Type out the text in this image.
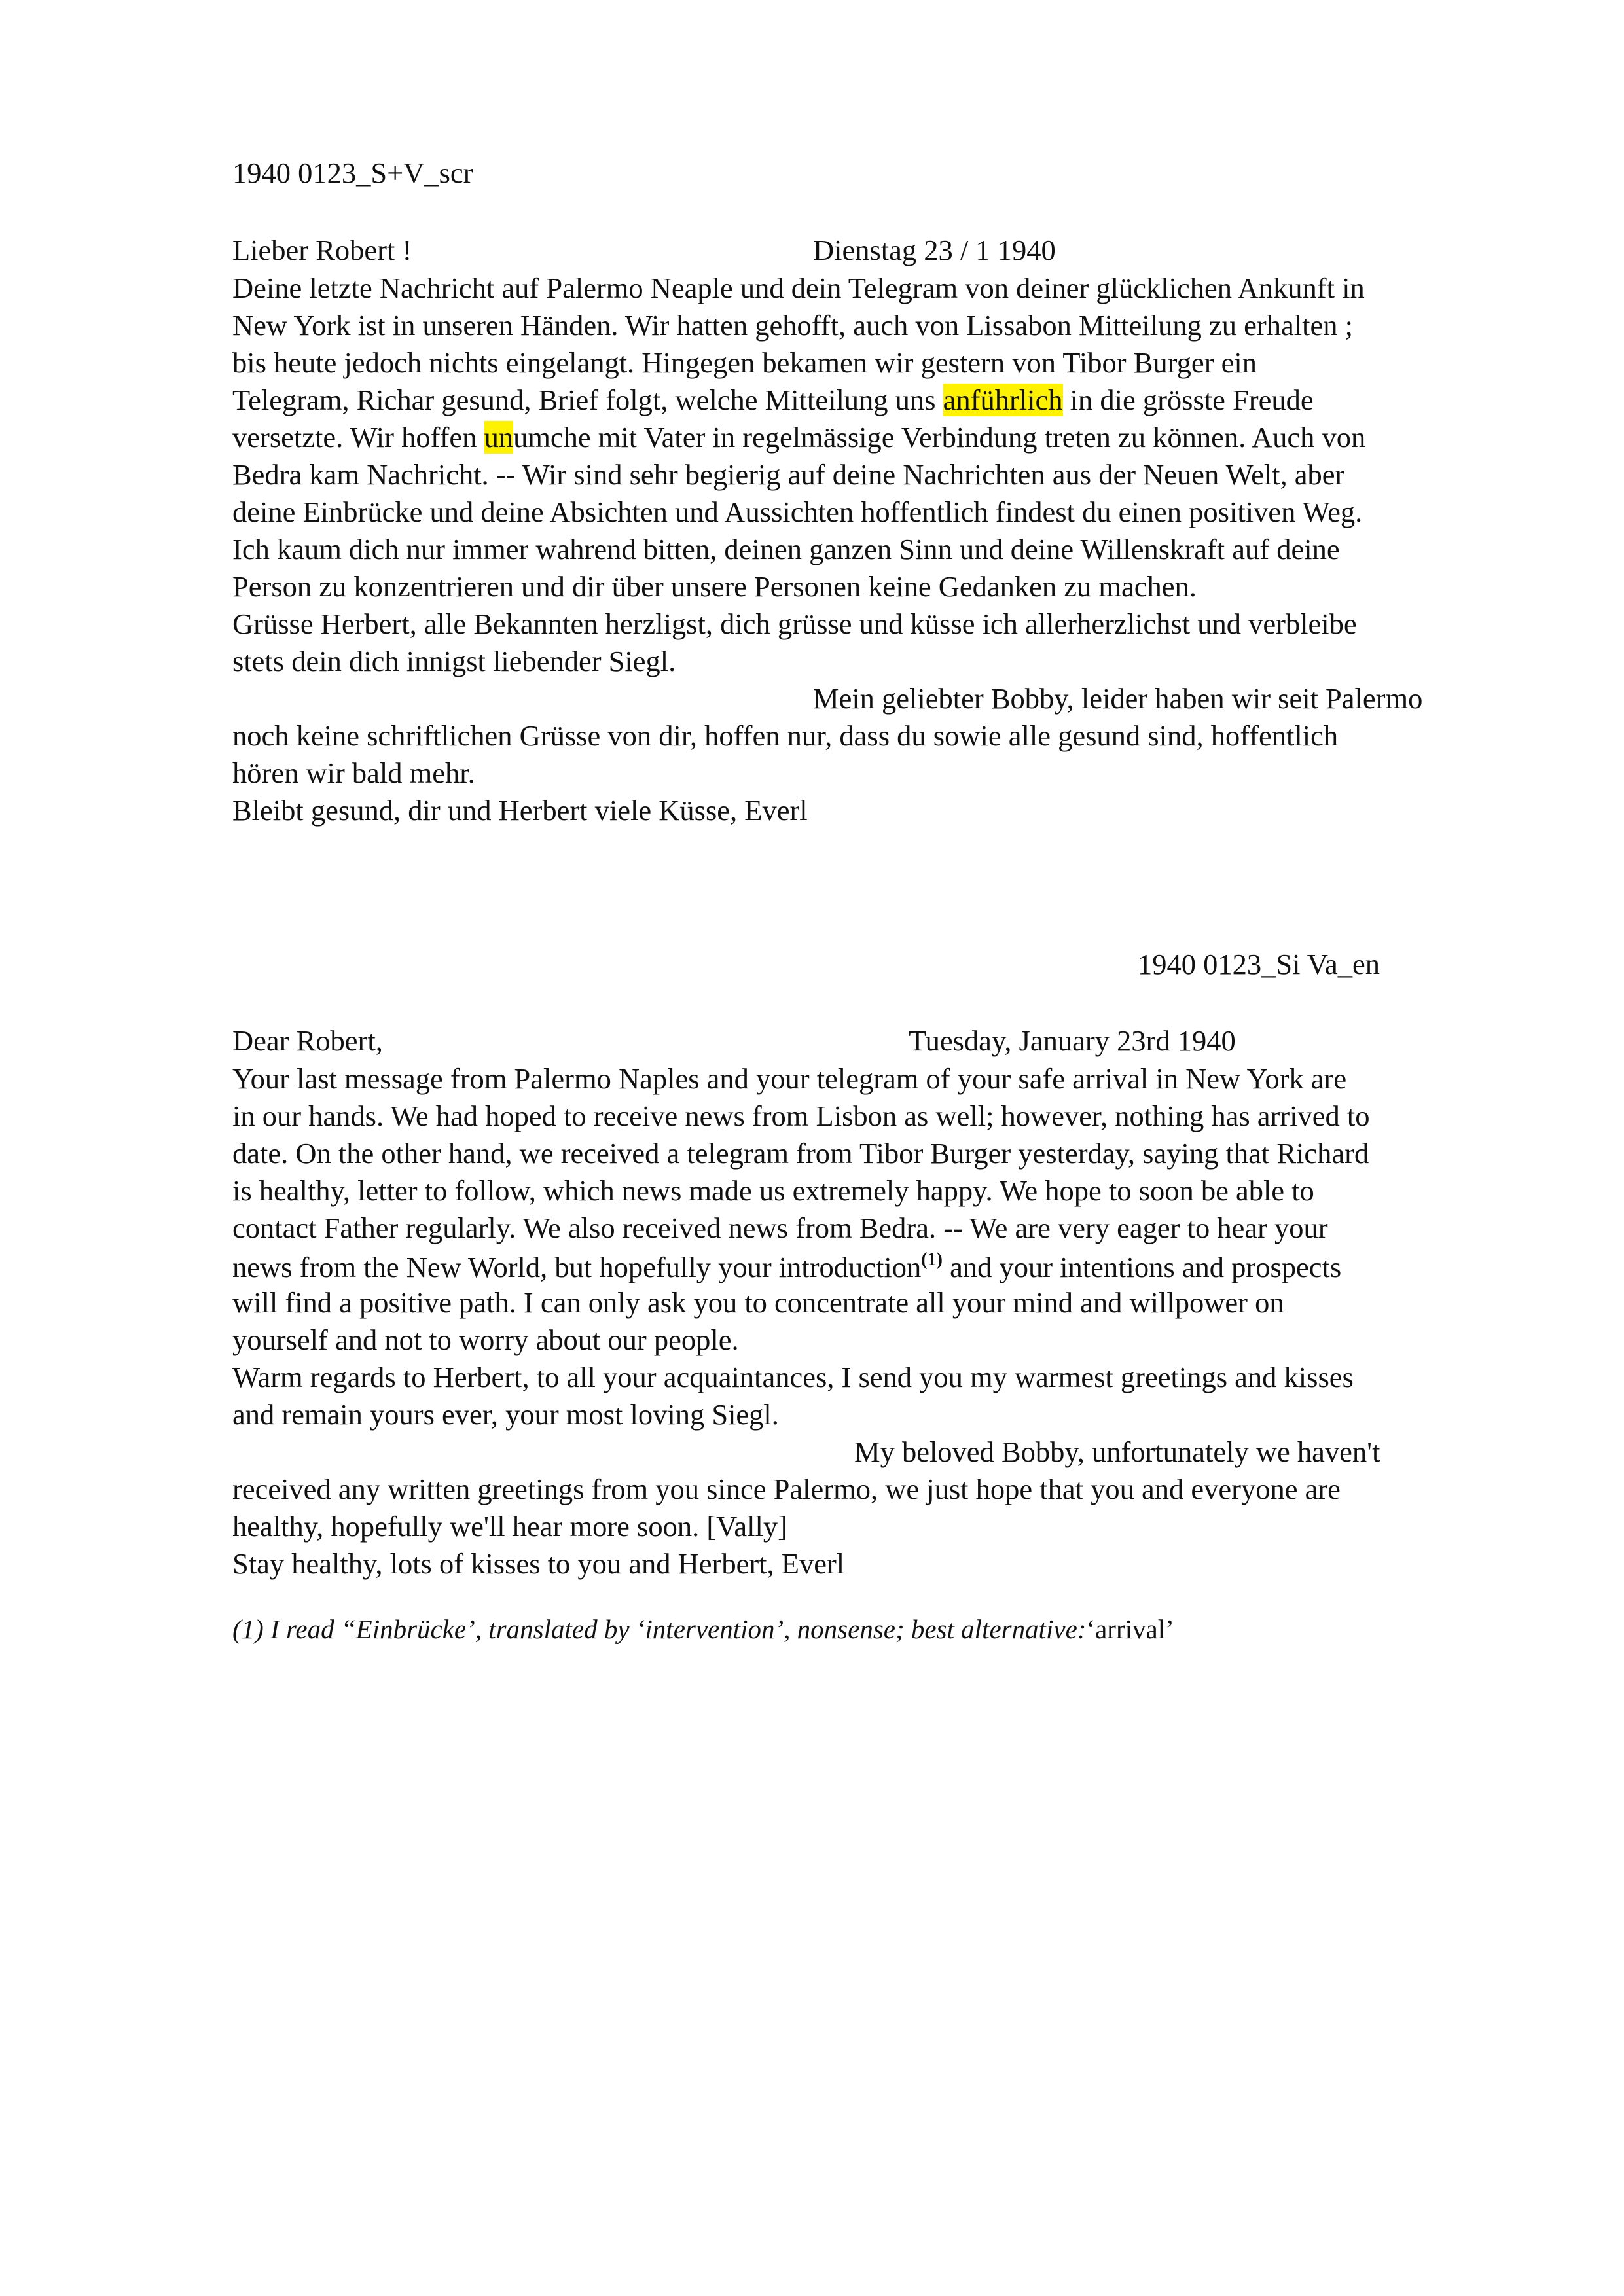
1940 0123_S+V_scr
Lieber Robert !	Dienstag 23 / 1 1940
Deine letzte Nachricht auf Palermo Neaple und dein Telegram von deiner glücklichen Ankunft in
New York ist in unseren Händen. Wir hatten gehofft, auch von Lissabon Mitteilung zu erhalten ;
bis heute jedoch nichts eingelangt. Hingegen bekamen wir gestern von Tibor Burger ein
Telegram, Richar gesund, Brief folgt, welche Mitteilung uns anführlich in die grösste Freude
versetzte. Wir hoffen unumche mit Vater in regelmässige Verbindung treten zu können. Auch von
Bedra kam Nachricht. -- Wir sind sehr begierig auf deine Nachrichten aus der Neuen Welt, aber
deine Einbrücke und deine Absichten und Aussichten hoffentlich findest du einen positiven Weg.
Ich kaum dich nur immer wahrend bitten, deinen ganzen Sinn und deine Willenskraft auf deine
Person zu konzentrieren und dir über unsere Personen keine Gedanken zu machen.
Grüsse Herbert, alle Bekannten herzligst, dich grüsse und küsse ich allerherzlichst und verbleibe
stets dein dich innigst liebender Siegl.
Mein geliebter Bobby, leider haben wir seit Palermo
noch keine schriftlichen Grüsse von dir, hoffen nur, dass du sowie alle gesund sind, hoffentlich
hören wir bald mehr.
Bleibt gesund, dir und Herbert viele Küsse, Everl
1940 0123_Si Va_en
Dear Robert,	Tuesday, January 23rd 1940
Your last message from Palermo Naples and your telegram of your safe arrival in New York are
in our hands. We had hoped to receive news from Lisbon as well; however, nothing has arrived to
date. On the other hand, we received a telegram from Tibor Burger yesterday, saying that Richard
is healthy, letter to follow, which news made us extremely happy. We hope to soon be able to
contact Father regularly. We also received news from Bedra. -- We are very eager to hear your
news from the New World, but hopefully your introduction$^{(1)}$ and your intentions and prospects
will find a positive path. I can only ask you to concentrate all your mind and willpower on
yourself and not to worry about our people.
Warm regards to Herbert, to all your acquaintances, I send you my warmest greetings and kisses
and remain yours ever, your most loving Siegl.
My beloved Bobby, unfortunately we haven't
received any written greetings from you since Palermo, we just hope that you and everyone are
healthy, hopefully we'll hear more soon. [Vally]
Stay healthy, lots of kisses to you and Herbert, Everl
(1) I read “Einbrücke’, translated by ‘intervention’, nonsense; best alternative:‘arrival’
